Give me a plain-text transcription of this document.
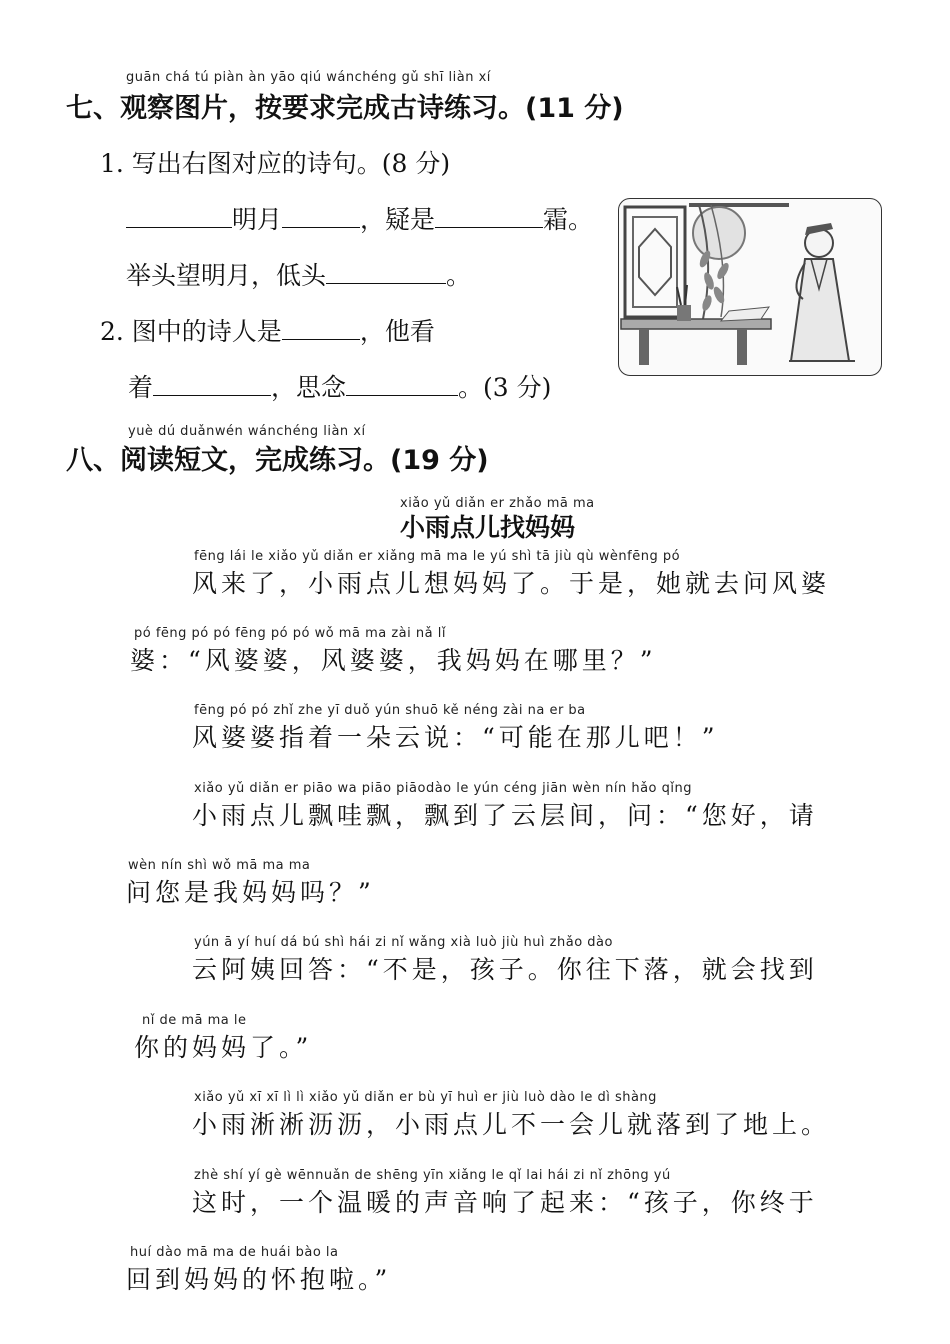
guān chá tú piàn àn yāo qiú wánchéng gǔ shī liàn xí
七、观察图片，按要求完成古诗练习。(11 分)
1. 写出右图对应的诗句。(8 分)
明月	，疑是	霜。
举头望明月，低头	。
2. 图中的诗人是	，他看
着	，思念	。(3 分)
yuè dú duǎnwén wánchéng liàn xí
八、阅读短文，完成练习。(19 分)
xiǎo yǔ diǎn er zhǎo mā ma
小雨点儿找妈妈
fēng lái le xiǎo yǔ diǎn er xiǎng mā ma le yú shì tā jiù qù wènfēng pó
风来了，小雨点儿想妈妈了。于是，她就去问风婆
pó fēng pó pó fēng pó pó wǒ mā ma zài nǎ lǐ
婆：“风婆婆，风婆婆，我妈妈在哪里？”
fēng pó pó zhǐ zhe yī duǒ yún shuō kě néng zài na er ba
风婆婆指着一朵云说：“可能在那儿吧！”
xiǎo yǔ diǎn er piāo wa piāo piāodào le yún céng jiān wèn nín hǎo qǐng
小雨点儿飘哇飘，飘到了云层间，问：“您好，请
wèn nín shì wǒ mā ma ma
问您是我妈妈吗？”
yún ā yí huí dá bú shì hái zi nǐ wǎng xià luò jiù huì zhǎo dào
云阿姨回答：“不是，孩子。你往下落，就会找到
nǐ de mā ma le
你的妈妈了。”
xiǎo yǔ xī xī lì lì xiǎo yǔ diǎn er bù yī huì er jiù luò dào le dì shàng
小雨淅淅沥沥，小雨点儿不一会儿就落到了地上。
zhè shí yí gè wēnnuǎn de shēng yīn xiǎng le qǐ lai hái zi nǐ zhōng yú
这时，一个温暖的声音响了起来：“孩子，你终于
huí dào mā ma de huái bào la
回到妈妈的怀抱啦。”
